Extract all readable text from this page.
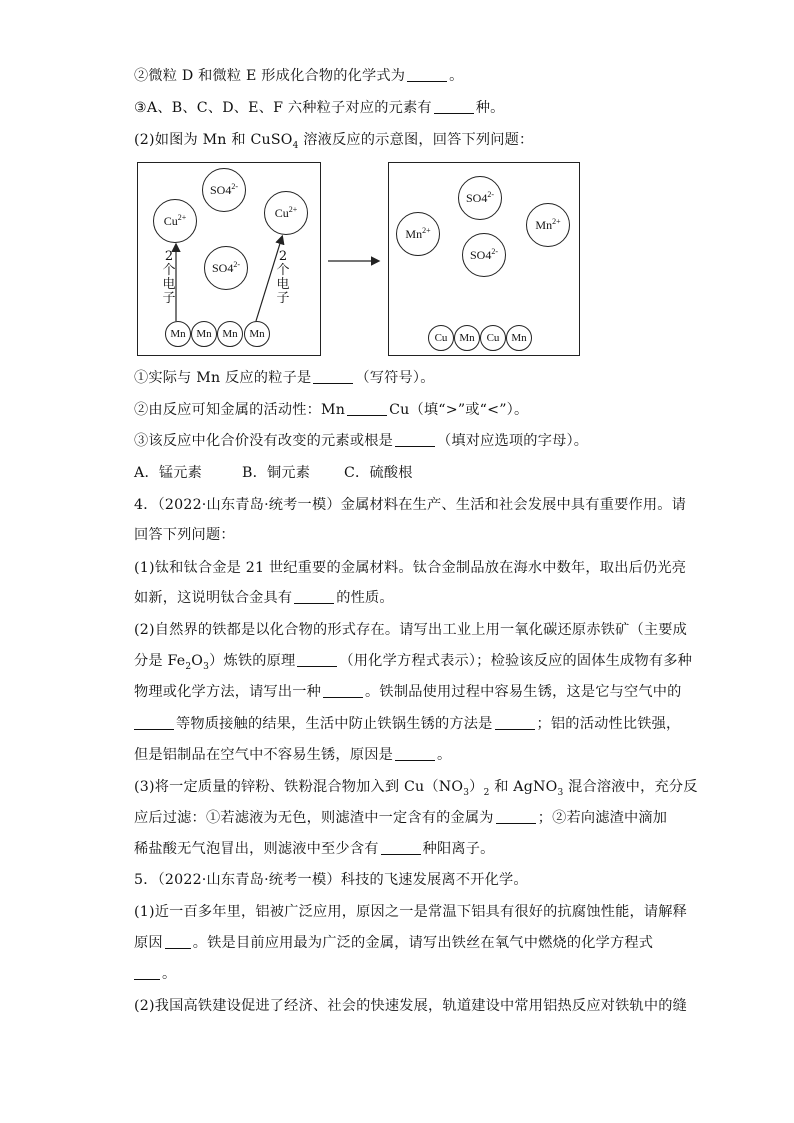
②微粒 D 和微粒 E 形成化合物的化学式为	。
③A、B、C、D、E、F 六种粒子对应的元素有	种。
(2)如图为 Mn 和 CuSO$_4$ 溶液反应的示意图，回答下列问题：
$SO4^{2-}$
$Cu^{2+}$	$Cu^{2+}$
$SO4^{2-}$
2
个
电
子
2
个
电
子
Mn Mn Mn Mn
$SO4^{2-}$
$Mn^{2+}$	$Mn^{2+}$
$SO4^{2-}$
Cu Mn Cu Mn
①实际与 Mn 反应的粒子是	（写符号）。
②由反应可知金属的活动性：Mn	Cu（填“>”或“<”）。
③该反应中化合价没有改变的元素或根是	（填对应选项的字母）。
A．锰元素	B．铜元素 C．硫酸根
4．（2022·山东青岛·统考一模）金属材料在生产、生活和社会发展中具有重要作用。请
回答下列问题：
(1)钛和钛合金是 21 世纪重要的金属材料。钛合金制品放在海水中数年，取出后仍光亮
如新，这说明钛合金具有	的性质。
(2)自然界的铁都是以化合物的形式存在。请写出工业上用一氧化碳还原赤铁矿（主要成
分是 $Fe_2O_3$）炼铁的原理	（用化学方程式表示）；检验该反应的固体生成物有多种
物理或化学方法，请写出一种	。铁制品使用过程中容易生锈，这是它与空气中的
等物质接触的结果，生活中防止铁锅生锈的方法是	；铝的活动性比铁强，
但是铝制品在空气中不容易生锈，原因是	。
(3)将一定质量的锌粉、铁粉混合物加入到 $Cu(NO_3)_2$ 和 AgNO$_3$ 混合溶液中，充分反
应后过滤：①若滤液为无色，则滤渣中一定含有的金属为	；②若向滤渣中滴加
稀盐酸无气泡冒出，则滤液中至少含有	种阳离子。
5．（2022·山东青岛·统考一模）科技的飞速发展离不开化学。
(1)近一百多年里，铝被广泛应用，原因之一是常温下铝具有很好的抗腐蚀性能，请解释
原因 。铁是目前应用最为广泛的金属，请写出铁丝在氧气中燃烧的化学方程式
。
(2)我国高铁建设促进了经济、社会的快速发展，轨道建设中常用铝热反应对铁轨中的缝
